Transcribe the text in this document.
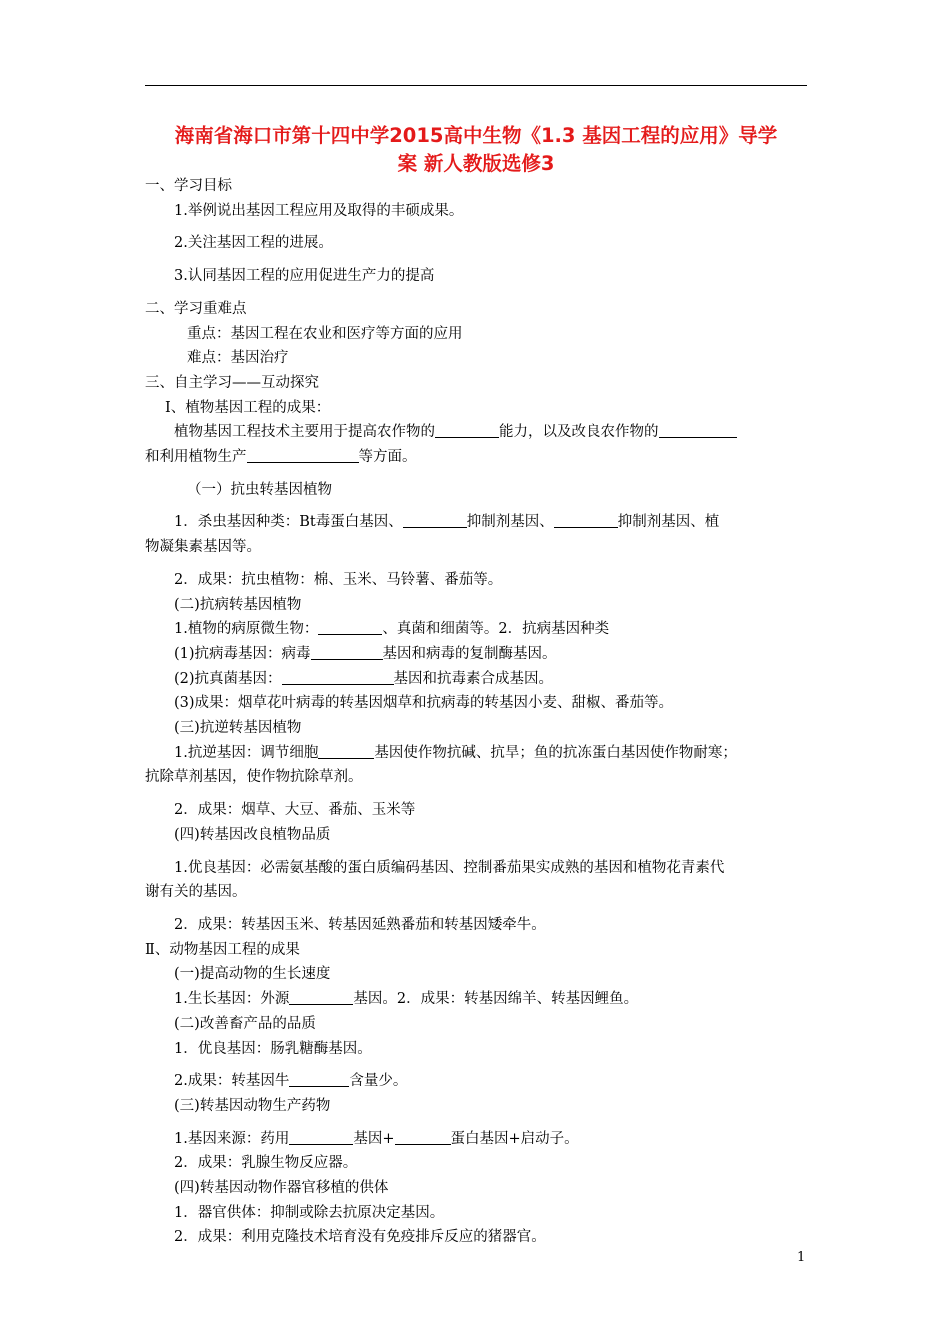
海南省海口市第十四中学2015高中生物《1.3 基因工程的应用》导学
案 新人教版选修3
一、学习目标
1.举例说出基因工程应用及取得的丰硕成果。
2.关注基因工程的进展。
3.认同基因工程的应用促进生产力的提高
二、学习重难点
重点：基因工程在农业和医疗等方面的应用
难点：基因治疗
三、自主学习——互动探究
Ⅰ、植物基因工程的成果：
植物基因工程技术主要用于提高农作物的	能力，以及改良农作物的
和利用植物生产	等方面。
（一）抗虫转基因植物
1．杀虫基因种类：Bt毒蛋白基因、	抑制剂基因、	抑制剂基因、植
物凝集素基因等。
2．成果：抗虫植物：棉、玉米、马铃薯、番茄等。
(二)抗病转基因植物
1.植物的病原微生物：	、真菌和细菌等。2．抗病基因种类
(1)抗病毒基因：病毒	基因和病毒的复制酶基因。
(2)抗真菌基因：	基因和抗毒素合成基因。
(3)成果：烟草花叶病毒的转基因烟草和抗病毒的转基因小麦、甜椒、番茄等。
(三)抗逆转基因植物
1.抗逆基因：调节细胞	基因使作物抗碱、抗旱；鱼的抗冻蛋白基因使作物耐寒；
抗除草剂基因，使作物抗除草剂。
2．成果：烟草、大豆、番茄、玉米等
(四)转基因改良植物品质
1.优良基因：必需氨基酸的蛋白质编码基因、控制番茄果实成熟的基因和植物花青素代
谢有关的基因。
2．成果：转基因玉米、转基因延熟番茄和转基因矮牵牛。
Ⅱ、动物基因工程的成果
(一)提高动物的生长速度
1.生长基因：外源	基因。2．成果：转基因绵羊、转基因鲤鱼。
(二)改善畜产品的品质
1．优良基因：肠乳糖酶基因。
2.成果：转基因牛	含量少。
(三)转基因动物生产药物
1.基因来源：药用	基因+	蛋白基因+启动子。
2．成果：乳腺生物反应器。
(四)转基因动物作器官移植的供体
1．器官供体：抑制或除去抗原决定基因。
2．成果：利用克隆技术培育没有免疫排斥反应的猪器官。
1
